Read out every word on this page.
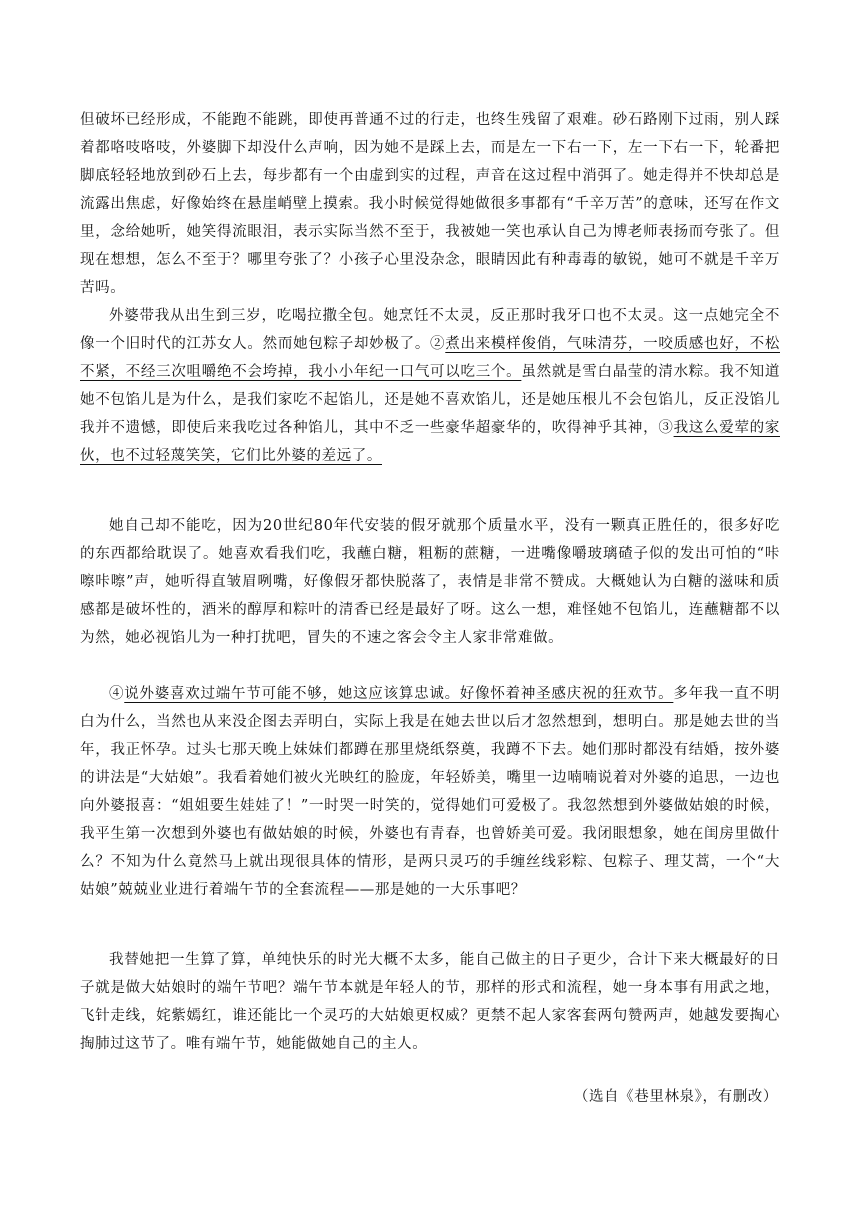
但破坏已经形成，不能跑不能跳，即使再普通不过的行走，也终生残留了艰难。砂石路刚下过雨，别人踩着都咯吱咯吱，外婆脚下却没什么声响，因为她不是踩上去，而是左一下右一下，左一下右一下，轮番把脚底轻轻地放到砂石上去，每步都有一个由虚到实的过程，声音在这过程中消弭了。她走得并不快却总是流露出焦虑，好像始终在悬崖峭壁上摸索。我小时候觉得她做很多事都有“千辛万苦”的意味，还写在作文里，念给她听，她笑得流眼泪，表示实际当然不至于，我被她一笑也承认自己为博老师表扬而夸张了。但现在想想，怎么不至于？哪里夸张了？小孩子心里没杂念，眼睛因此有种毒毒的敏锐，她可不就是千辛万苦吗。

外婆带我从出生到三岁，吃喝拉撒全包。她烹饪不太灵，反正那时我牙口也不太灵。这一点她完全不像一个旧时代的江苏女人。然而她包粽子却妙极了。②煮出来模样俊俏，气味清芬，一咬质感也好，不松不紧，不经三次咀嚼绝不会垮掉，我小小年纪一口气可以吃三个。虽然就是雪白晶莹的清水粽。我不知道她不包馅儿是为什么，是我们家吃不起馅儿，还是她不喜欢馅儿，还是她压根儿不会包馅儿，反正没馅儿我并不遗憾，即使后来我吃过各种馅儿，其中不乏一些豪华超豪华的，吹得神乎其神，③我这么爱荤的家伙，也不过轻蔑笑笑，它们比外婆的差远了。

她自己却不能吃，因为20世纪80年代安装的假牙就那个质量水平，没有一颗真正胜任的，很多好吃的东西都给耽误了。她喜欢看我们吃，我蘸白糖，粗粝的蔗糖，一进嘴像嚼玻璃碴子似的发出可怕的“咔嚓咔嚓”声，她听得直皱眉咧嘴，好像假牙都快脱落了，表情是非常不赞成。大概她认为白糖的滋味和质感都是破坏性的，酒米的醇厚和粽叶的清香已经是最好了呀。这么一想，难怪她不包馅儿，连蘸糖都不以为然，她必视馅儿为一种打扰吧，冒失的不速之客会令主人家非常难做。

④说外婆喜欢过端午节可能不够，她这应该算忠诚。好像怀着神圣感庆祝的狂欢节。多年我一直不明白为什么，当然也从来没企图去弄明白，实际上我是在她去世以后才忽然想到，想明白。那是她去世的当年，我正怀孕。过头七那天晚上妹妹们都蹲在那里烧纸祭奠，我蹲不下去。她们那时都没有结婚，按外婆的讲法是“大姑娘”。我看着她们被火光映红的脸庞，年轻娇美，嘴里一边喃喃说着对外婆的追思，一边也向外婆报喜：“姐姐要生娃娃了！”一时哭一时笑的，觉得她们可爱极了。我忽然想到外婆做姑娘的时候，我平生第一次想到外婆也有做姑娘的时候，外婆也有青春，也曾娇美可爱。我闭眼想象，她在闺房里做什么？不知为什么竟然马上就出现很具体的情形，是两只灵巧的手缠丝线彩粽、包粽子、理艾蒿，一个“大姑娘”兢兢业业进行着端午节的全套流程——那是她的一大乐事吧？

我替她把一生算了算，单纯快乐的时光大概不太多，能自己做主的日子更少，合计下来大概最好的日子就是做大姑娘时的端午节吧？端午节本就是年轻人的节，那样的形式和流程，她一身本事有用武之地，飞针走线，姹紫嫣红，谁还能比一个灵巧的大姑娘更权威？更禁不起人家客套两句赞两声，她越发要掏心掏肺过这节了。唯有端午节，她能做她自己的主人。

（选自《巷里林泉》，有删改）
